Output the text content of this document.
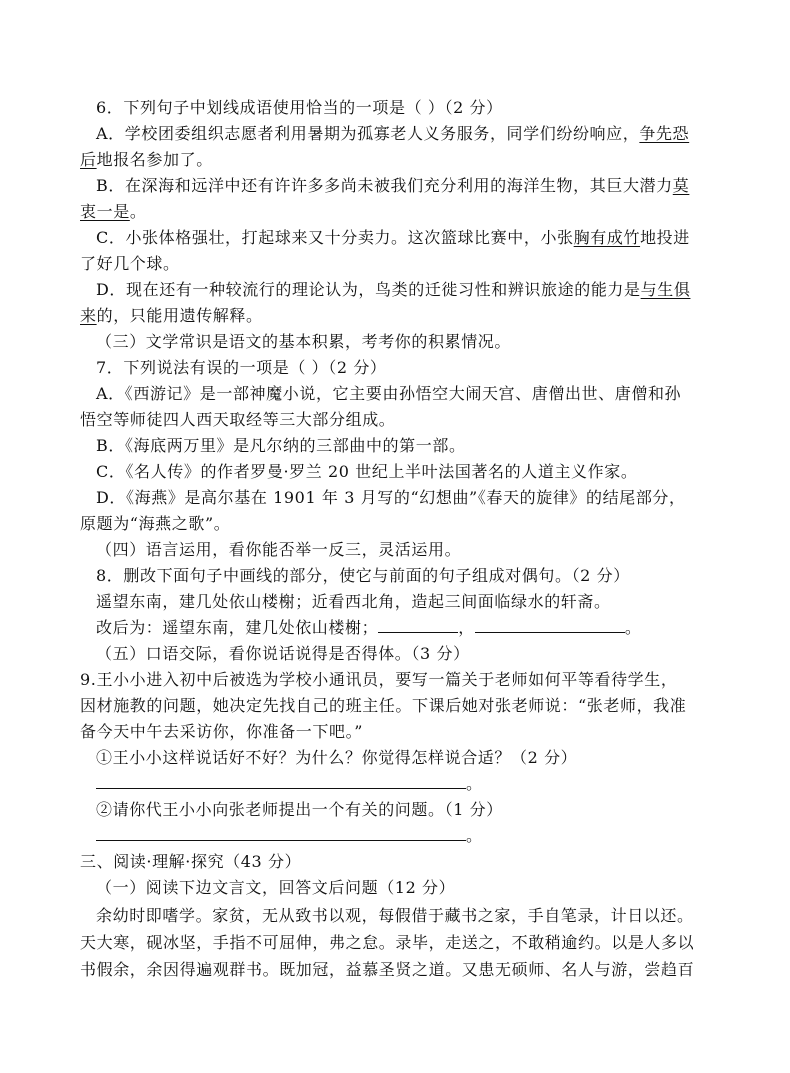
6．下列句子中划线成语使用恰当的一项是（ ）（2 分）
A．学校团委组织志愿者利用暑期为孤寡老人义务服务，同学们纷纷响应，争先恐
后地报名参加了。
B．在深海和远洋中还有许许多多尚未被我们充分利用的海洋生物，其巨大潜力莫
衷一是。
C．小张体格强壮，打起球来又十分卖力。这次篮球比赛中，小张胸有成竹地投进
了好几个球。
D．现在还有一种较流行的理论认为，鸟类的迁徙习性和辨识旅途的能力是与生俱
来的，只能用遗传解释。
（三）文学常识是语文的基本积累，考考你的积累情况。
7．下列说法有误的一项是（ ）（2 分）
A．《西游记》是一部神魔小说，它主要由孙悟空大闹天宫、唐僧出世、唐僧和孙
悟空等师徒四人西天取经等三大部分组成。
B．《海底两万里》是凡尔纳的三部曲中的第一部。
C．《名人传》的作者罗曼·罗兰 20 世纪上半叶法国著名的人道主义作家。
D．《海燕》是高尔基在 1901 年 3 月写的“幻想曲”《春天的旋律》的结尾部分，
原题为“海燕之歌”。
（四）语言运用，看你能否举一反三，灵活运用。
8．删改下面句子中画线的部分，使它与前面的句子组成对偶句。（2 分）
遥望东南，建几处依山楼榭；近看西北角，造起三间面临绿水的轩斋。
改后为：遥望东南，建几处依山楼榭；	，	。
（五）口语交际，看你说话说得是否得体。（3 分）
9.王小小进入初中后被选为学校小通讯员，要写一篇关于老师如何平等看待学生，
因材施教的问题，她决定先找自己的班主任。下课后她对张老师说：“张老师，我准
备今天中午去采访你，你准备一下吧。”
①王小小这样说话好不好？为什么？你觉得怎样说合适？（2 分）
。
②请你代王小小向张老师提出一个有关的问题。（1 分）
。
三、阅读·理解·探究（43 分）
（一）阅读下边文言文，回答文后问题（12 分）
余幼时即嗜学。家贫，无从致书以观，每假借于藏书之家，手自笔录，计日以还。
天大寒，砚冰坚，手指不可屈伸，弗之怠。录毕，走送之，不敢稍逾约。以是人多以
书假余，余因得遍观群书。既加冠，益慕圣贤之道。又患无硕师、名人与游，尝趋百
